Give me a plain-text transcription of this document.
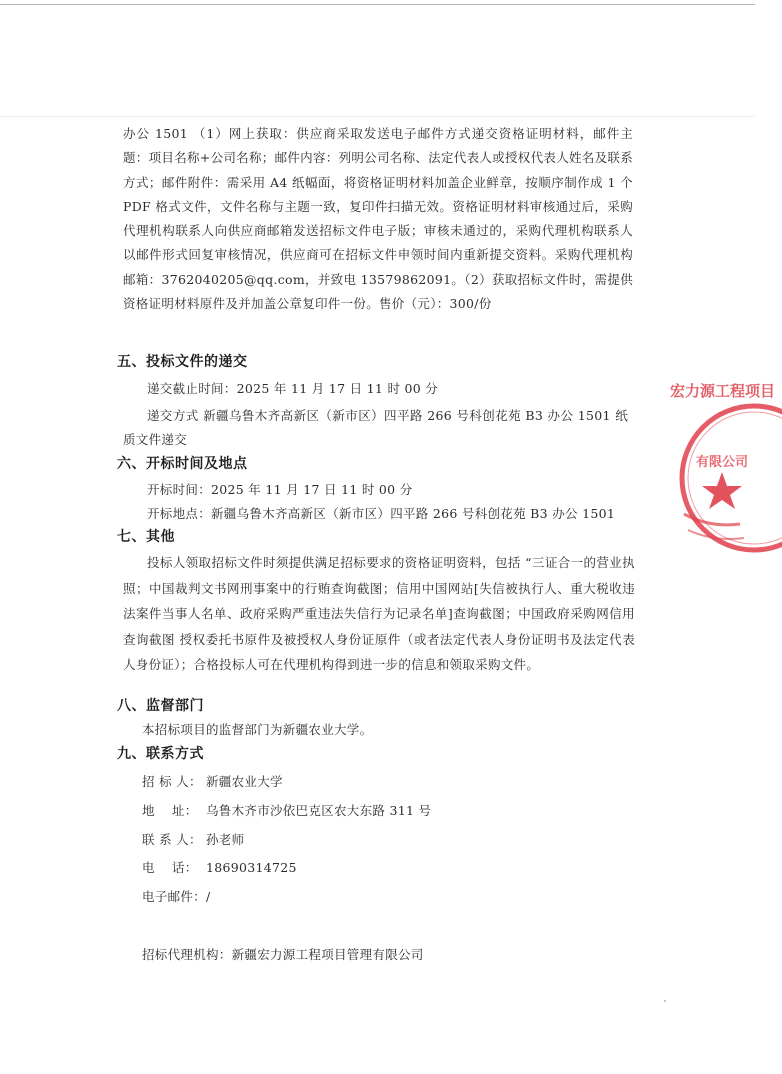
办公 1501 （1）网上获取：供应商采取发送电子邮件方式递交资格证明材料，邮件主题：项目名称+公司名称；邮件内容：列明公司名称、法定代表人或授权代表人姓名及联系方式；邮件附件：需采用 A4 纸幅面，将资格证明材料加盖企业鲜章，按顺序制作成 1 个 PDF 格式文件，文件名称与主题一致，复印件扫描无效。资格证明材料审核通过后，采购代理机构联系人向供应商邮箱发送招标文件电子版；审核未通过的，采购代理机构联系人以邮件形式回复审核情况，供应商可在招标文件申领时间内重新提交资料。采购代理机构邮箱：3762040205@qq.com，并致电 13579862091。（2）获取招标文件时，需提供资格证明材料原件及并加盖公章复印件一份。售价（元）：300/份

五、投标文件的递交

递交截止时间：2025 年 11 月 17 日 11 时 00 分

递交方式 新疆乌鲁木齐高新区（新市区）四平路 266 号科创花苑 B3 办公 1501 纸质文件递交

六、开标时间及地点

开标时间：2025 年 11 月 17 日 11 时 00 分

开标地点：新疆乌鲁木齐高新区（新市区）四平路 266 号科创花苑 B3 办公 1501

七、其他

投标人领取招标文件时须提供满足招标要求的资格证明资料，包括 “三证合一的营业执照；中国裁判文书网刑事案中的行贿查询截图；信用中国网站[失信被执行人、重大税收违法案件当事人名单、政府采购严重违法失信行为记录名单]查询截图；中国政府采购网信用查询截图 授权委托书原件及被授权人身份证原件（或者法定代表人身份证明书及法定代表人身份证）；合格投标人可在代理机构得到进一步的信息和领取采购文件。

八、监督部门

本招标项目的监督部门为新疆农业大学。

九、联系方式
招 标 人： 新疆农业大学
地    址： 乌鲁木齐市沙依巴克区农大东路 311 号
联 系 人： 孙老师
电    话： 18690314725
电子邮件：/
招标代理机构：新疆宏力源工程项目管理有限公司
宏力源工程项目
有限公司
